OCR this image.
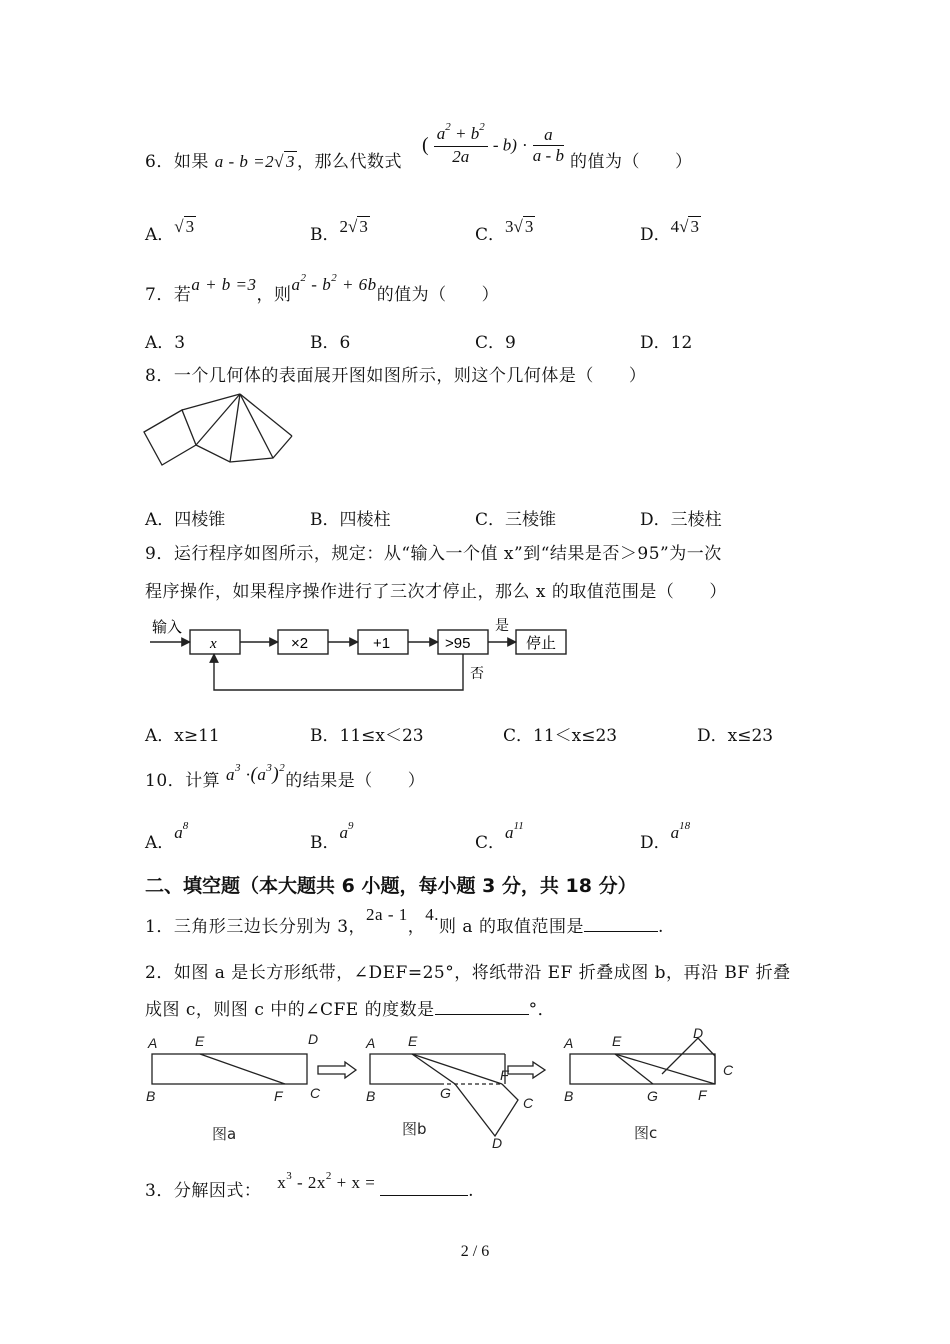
6．如果 a - b =2√ 3 ，那么代数式
( $\frac{a^2 + b^2}{2a} - b) \cdot \frac{a}{a - b}$ 的值为（　　）
A．√ 3	B．2√ 3	C．3√ 3	D．4√ 3
7．若a + b =3，则$a^2 - b^2 + 6b$的值为（　　）
A．3	B．6	C．9	D．12
8．一个几何体的表面展开图如图所示，则这个几何体是（　　）
A．四棱锥	B．四棱柱	C．三棱锥	D．三棱柱
9．运行程序如图所示，规定：从“输入一个值 x”到“结果是否＞95”为一次
程序操作，如果程序操作进行了三次才停止，那么 x 的取值范围是（　　）
输入
x	×2	+1	>95
是
停止
否
A．x≥11	B．11≤x＜23	C．11＜x≤23	D．x≤23
10．计算 $a^3 \cdot(a^3)^2$的结果是（　　）
A．$a^8$
B．$a^9$
C．$a^{11}$
D．$a^{18}$
二、填空题（本大题共 6 小题，每小题 3 分，共 18 分）
1．三角形三边长分别为 3，2a - 1，4.则 a 的取值范围是	.
2．如图 a 是长方形纸带，∠DEF=25°，将纸带沿 EF 折叠成图 b，再沿 BF 折叠
成图 c，则图 c 中的∠CFE 的度数是	°．
A	E	D
B	F C
A E
B	G
F
C
D
A	E	D
C
B	G	F
图a	图b	图c
3．分解因式： $x^3 - 2x^2 + x$ =	.
2 / 6
